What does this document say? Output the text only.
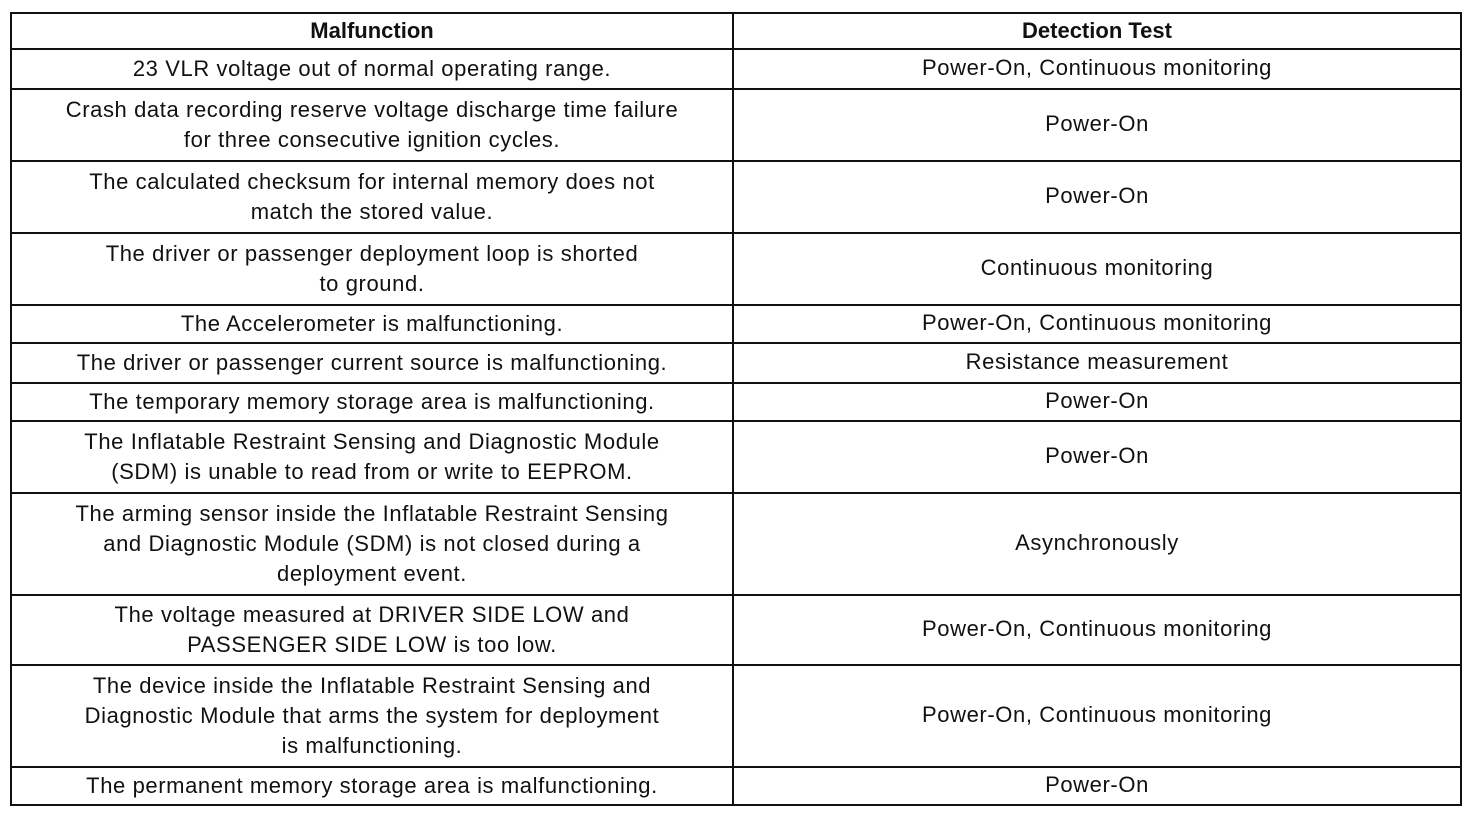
Malfunction	Detection Test

23 VLR voltage out of normal operating range.	Power-On, Continuous monitoring

Crash data recording reserve voltage discharge time failure
for three consecutive ignition cycles.	Power-On

The calculated checksum for internal memory does not
match the stored value.	Power-On

The driver or passenger deployment loop is shorted
to ground.	Continuous monitoring

The Accelerometer is malfunctioning.	Power-On, Continuous monitoring

The driver or passenger current source is malfunctioning.	Resistance measurement

The temporary memory storage area is malfunctioning.	Power-On

The Inflatable Restraint Sensing and Diagnostic Module
(SDM) is unable to read from or write to EEPROM.	Power-On

The arming sensor inside the Inflatable Restraint Sensing
and Diagnostic Module (SDM) is not closed during a
deployment event.	Asynchronously

The voltage measured at DRIVER SIDE LOW and
PASSENGER SIDE LOW is too low.	Power-On, Continuous monitoring

The device inside the Inflatable Restraint Sensing and
Diagnostic Module that arms the system for deployment
is malfunctioning.	Power-On, Continuous monitoring

The permanent memory storage area is malfunctioning.	Power-On
